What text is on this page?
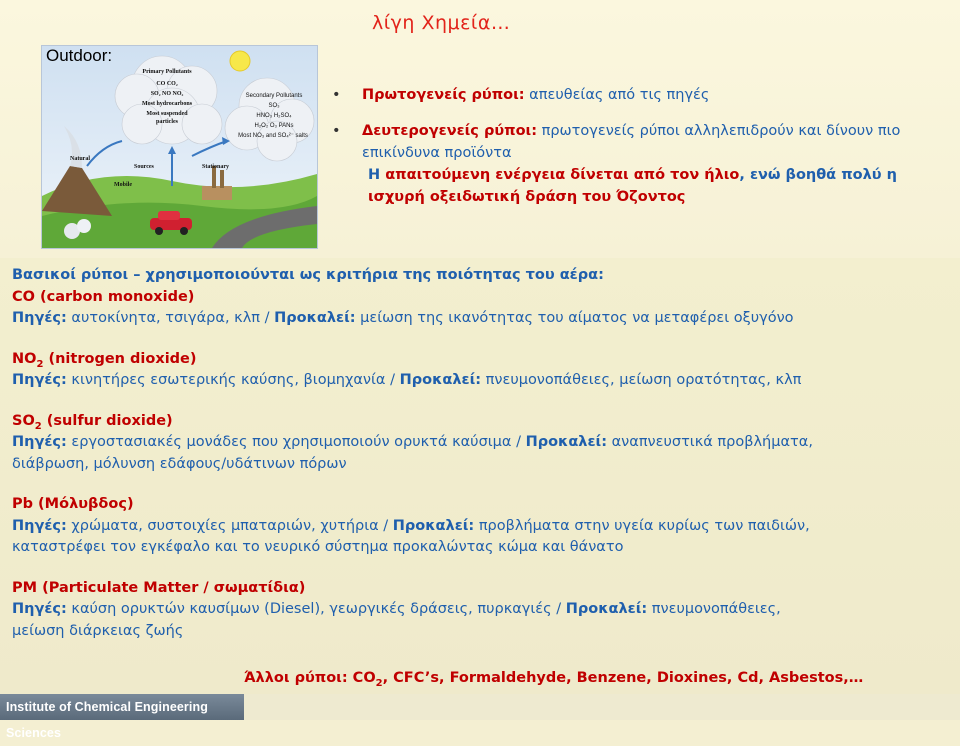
λίγη Χημεία…
Outdoor:
Primary Pollutants
CO CO₂
SO₂ NO NO₂
Most hydrocarbons
Most suspended
particles
Secondary Pollutants
SO₃
HNO₃ H₂SO₄
H₂O₂ O₃ PANs
Most NO₃ and SO₄²⁻ salts
Natural
Sources
Mobile
Stationary
• Πρωτογενείς ρύποι: απευθείας από τις πηγές
• Δευτερογενείς ρύποι: πρωτογενείς ρύποι αλληλεπιδρούν και δίνουν πιο επικίνδυνα προϊόντα
Η απαιτούμενη ενέργεια δίνεται από τον ήλιο, ενώ βοηθά πολύ η
ισχυρή οξειδωτική δράση του Όζοντος
Βασικοί ρύποι – χρησιμοποιούνται ως κριτήρια της ποιότητας του αέρα:
CO (carbon monoxide)
Πηγές: αυτοκίνητα, τσιγάρα, κλπ / Προκαλεί: μείωση της ικανότητας του αίματος να μεταφέρει οξυγόνο
$NO_2$ (nitrogen dioxide)
Πηγές: κινητήρες εσωτερικής καύσης, βιομηχανία / Προκαλεί: πνευμονοπάθειες, μείωση ορατότητας, κλπ
$SO_2$ (sulfur dioxide)
Πηγές: εργοστασιακές μονάδες που χρησιμοποιούν ορυκτά καύσιμα / Προκαλεί: αναπνευστικά προβλήματα,
διάβρωση, μόλυνση εδάφους/υδάτινων πόρων
Pb (Μόλυβδος)
Πηγές: χρώματα, συστοιχίες μπαταριών, χυτήρια / Προκαλεί: προβλήματα στην υγεία κυρίως των παιδιών,
καταστρέφει τον εγκέφαλο και το νευρικό σύστημα προκαλώντας κώμα και θάνατο
PM (Particulate Matter / σωματίδια)
Πηγές: καύση ορυκτών καυσίμων (Diesel), γεωργικές δράσεις, πυρκαγιές / Προκαλεί: πνευμονοπάθειες,
μείωση διάρκειας ζωής
Άλλοι ρύποι: $CO_2$, CFC’s, Formaldehyde, Benzene, Dioxines, Cd, Asbestos,…
Institute of Chemical Engineering Sciences
